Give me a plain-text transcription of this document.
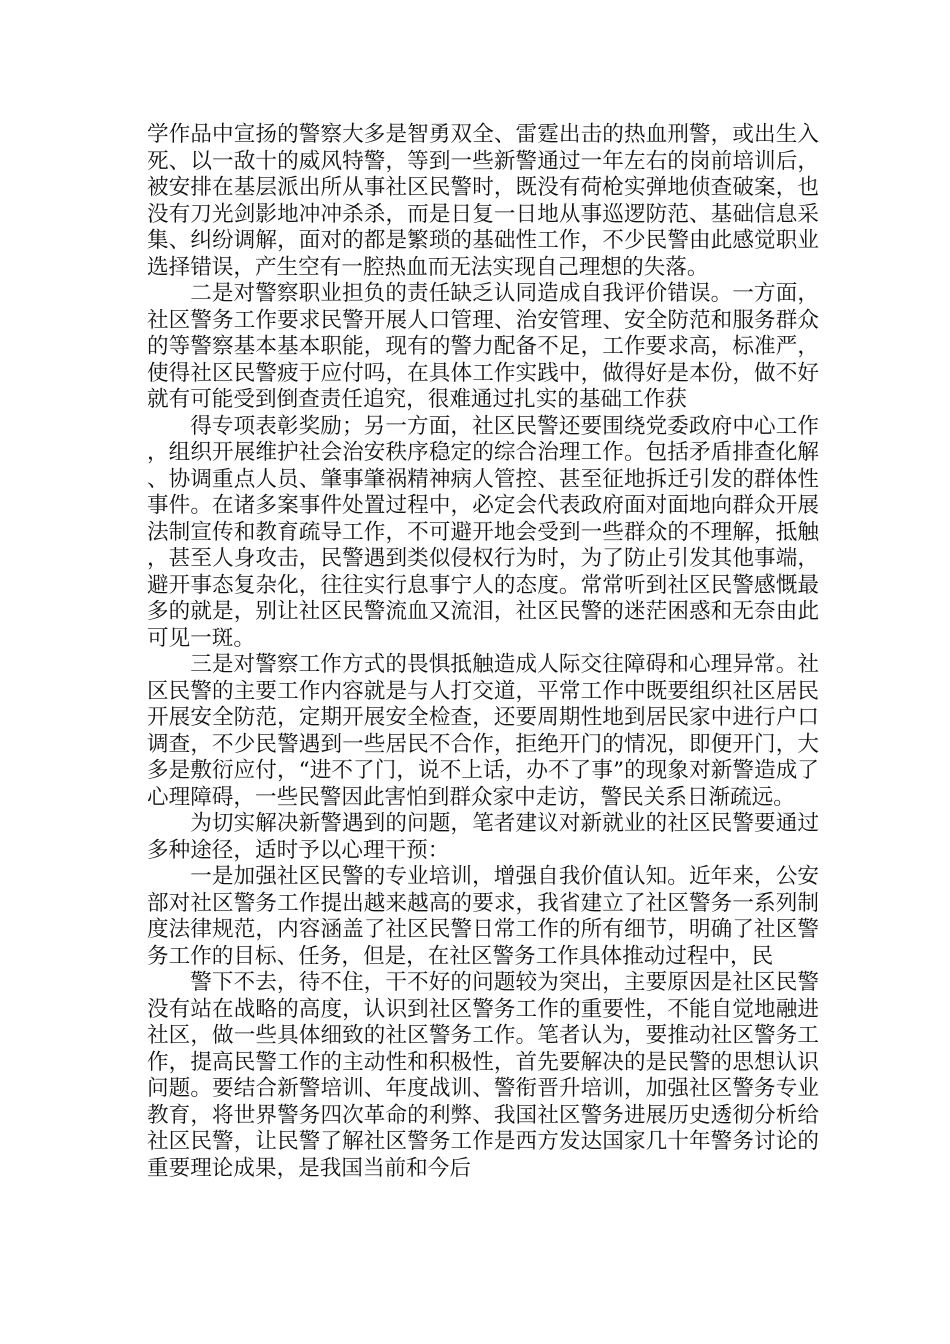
学作品中宣扬的警察大多是智勇双全、雷霆出击的热血刑警，或出生入死、以一敌十的威风特警，等到一些新警通过一年左右的岗前培训后，被安排在基层派出所从事社区民警时，既没有荷枪实弹地侦查破案，也没有刀光剑影地冲冲杀杀，而是日复一日地从事巡逻防范、基础信息采集、纠纷调解，面对的都是繁琐的基础性工作，不少民警由此感觉职业选择错误，产生空有一腔热血而无法实现自己理想的失落。

二是对警察职业担负的责任缺乏认同造成自我评价错误。一方面，社区警务工作要求民警开展人口管理、治安管理、安全防范和服务群众的等警察基本基本职能，现有的警力配备不足，工作要求高，标准严，使得社区民警疲于应付吗，在具体工作实践中，做得好是本份，做不好就有可能受到倒查责任追究，很难通过扎实的基础工作获

得专项表彰奖励；另一方面，社区民警还要围绕党委政府中心工作，组织开展维护社会治安秩序稳定的综合治理工作。包括矛盾排查化解、协调重点人员、肇事肇祸精神病人管控、甚至征地拆迁引发的群体性事件。在诸多案事件处置过程中，必定会代表政府面对面地向群众开展法制宣传和教育疏导工作，不可避开地会受到一些群众的不理解，抵触，甚至人身攻击，民警遇到类似侵权行为时，为了防止引发其他事端，避开事态复杂化，往往实行息事宁人的态度。常常听到社区民警感慨最多的就是，别让社区民警流血又流泪，社区民警的迷茫困惑和无奈由此可见一斑。

三是对警察工作方式的畏惧抵触造成人际交往障碍和心理异常。社区民警的主要工作内容就是与人打交道，平常工作中既要组织社区居民开展安全防范，定期开展安全检查，还要周期性地到居民家中进行户口调查，不少民警遇到一些居民不合作，拒绝开门的情况，即便开门，大多是敷衍应付，“进不了门，说不上话，办不了事”的现象对新警造成了心理障碍，一些民警因此害怕到群众家中走访，警民关系日渐疏远。

为切实解决新警遇到的问题，笔者建议对新就业的社区民警要通过多种途径，适时予以心理干预：

一是加强社区民警的专业培训，增强自我价值认知。近年来，公安部对社区警务工作提出越来越高的要求，我省建立了社区警务一系列制度法律规范，内容涵盖了社区民警日常工作的所有细节，明确了社区警务工作的目标、任务，但是，在社区警务工作具体推动过程中，民

警下不去，待不住，干不好的问题较为突出，主要原因是社区民警没有站在战略的高度，认识到社区警务工作的重要性，不能自觉地融进社区，做一些具体细致的社区警务工作。笔者认为，要推动社区警务工作，提高民警工作的主动性和积极性，首先要解决的是民警的思想认识问题。要结合新警培训、年度战训、警衔晋升培训，加强社区警务专业教育，将世界警务四次革命的利弊、我国社区警务进展历史透彻分析给社区民警，让民警了解社区警务工作是西方发达国家几十年警务讨论的重要理论成果，是我国当前和今后
